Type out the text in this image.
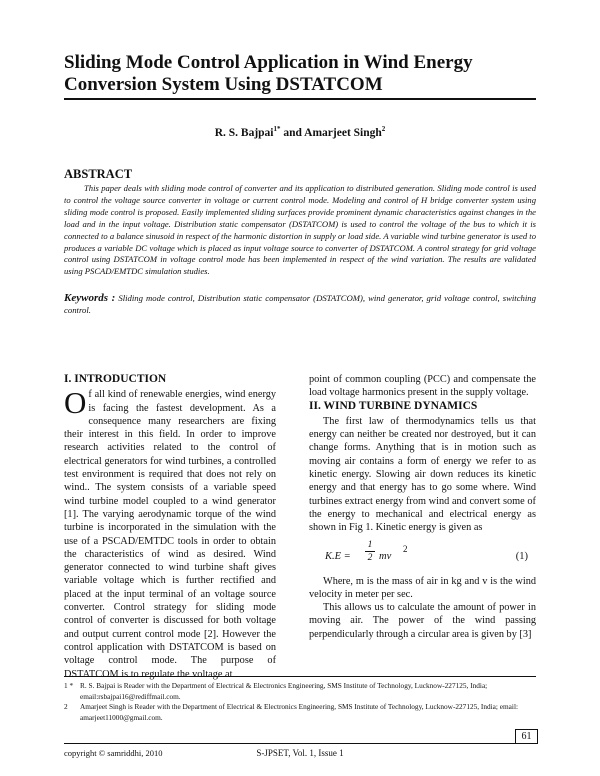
Sliding Mode Control Application in Wind Energy Conversion System Using DSTATCOM
R. S. Bajpai$^{1*}$ and Amarjeet Singh$^2$
ABSTRACT

This paper deals with sliding mode control of converter and its application to distributed generation. Sliding mode control is used to control the voltage source converter in voltage or current control mode. Modeling and control of H bridge converter system using sliding mode control is proposed. Easily implemented sliding surfaces provide prominent dynamic characteristics against changes in the load and in the input voltage. Distribution static compensator (DSTATCOM) is used to control the voltage of the bus to which it is connected to a balance sinusoid in respect of the harmonic distortion in supply or load side. A variable wind turbine generator is used to produces a variable DC voltage which is placed as input voltage source to converter of DSTATCOM. A control strategy for grid voltage control using DSTATCOM in voltage control mode has been implemented in respect of the wind variation. The results are validated using PSCAD/EMTDC simulation studies.

Keywords : Sliding mode control, Distribution static compensator (DSTATCOM), wind generator, grid voltage control, switching control.

I. INTRODUCTION

Of all kind of renewable energies, wind energy is facing the fastest development. As a consequence many researchers are fixing their interest in this field. In order to improve research activities related to the control of electrical generators for wind turbines, a controlled test environment is required that does not rely on wind.. The system consists of a variable speed wind turbine model coupled to a wind generator [1]. The varying aerodynamic torque of the wind turbine is incorporated in the simulation with the use of a PSCAD/EMTDC tools in order to obtain the characteristics of wind as desired. Wind generator connected to wind turbine shaft gives variable voltage which is further rectified and placed at the input terminal of an voltage source converter. Control strategy for sliding mode control of converter is discussed for both voltage and output current control mode [2]. However the control application with DSTATCOM is based on voltage control mode. The purpose of DSTATCOM is to regulate the voltage at

point of common coupling (PCC) and compensate the load voltage harmonics present in the supply voltage.

II. WIND TURBINE DYNAMICS

The first law of thermodynamics tells us that energy can neither be created nor destroyed, but it can change forms. Anything that is in motion such as moving air contains a form of energy we refer to as kinetic energy. Slowing air down reduces its kinetic energy and that energy has to go some where. Wind turbines extract energy from wind and convert some of the energy to mechanical and electrical energy as shown in Fig 1. Kinetic energy is given as

$K.E = \frac{1}{2}$ mv
2
(1)

Where, m is the mass of air in kg and v is the wind velocity in meter per sec.

This allows us to calculate the amount of power in moving air. The power of the wind passing perpendicularly through a circular area is given by [3]

1 * R. S. Bajpai is Reader with the Department of Electrical & Electronics Engineering, SMS Institute of Technology, Lucknow-227125, India; email:rsbajpai16@rediffmail.com.
2 Amarjeet Singh is Reader with the Department of Electrical & Electronics Engineering, SMS Institute of Technology, Lucknow-227125, India; email: amarjeet11000@gmail.com.
61
copyright © samriddhi, 2010	S-JPSET, Vol. 1, Issue 1
